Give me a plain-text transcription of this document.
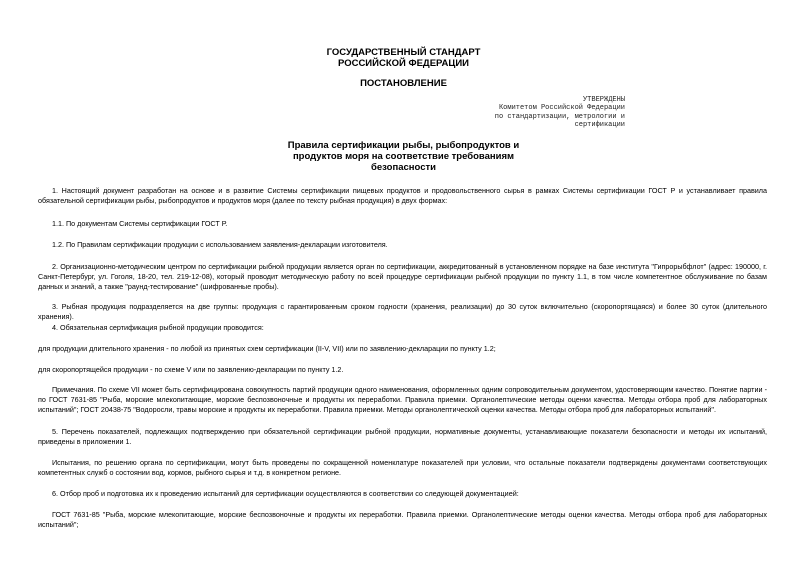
ГОСУДАРСТВЕННЫЙ СТАНДАРТ
РОССИЙСКОЙ ФЕДЕРАЦИИ
ПОСТАНОВЛЕНИЕ
УТВЕРЖДЕНЫ
Комитетом Российской Федерации
по стандартизации, метрологии и
сертификации
Правила сертификации рыбы, рыбопродуктов и
продуктов моря на соответствие требованиям
безопасности
1. Настоящий документ разработан на основе и в развитие Системы сертификации пищевых продуктов и продовольственного сырья в рамках Системы сертификации ГОСТ Р и устанавливает правила обязательной сертификации рыбы, рыбопродуктов и продуктов моря (далее по тексту рыбная продукция) в двух формах:
1.1. По документам Системы сертификации ГОСТ Р.
1.2. По Правилам сертификации продукции с использованием заявления-декларации изготовителя.
2. Организационно-методическим центром по сертификации рыбной продукции является орган по сертификации, аккредитованный в установленном порядке на базе института "Гипрорыбфлот" (адрес: 190000, г. Санкт-Петербург, ул. Гоголя, 18-20, тел. 219-12-08), который проводит методическую работу по всей процедуре сертификации рыбной продукции по пункту 1.1, в том числе компетентное обслуживание по базам данных и знаний, а также "раунд-тестирование" (шифрованные пробы).
3. Рыбная продукция подразделяется на две группы: продукция с гарантированным сроком годности (хранения, реализации) до 30 суток включительно (скоропортящаяся) и более 30 суток (длительного хранения).
4. Обязательная сертификация рыбной продукции проводится:
для продукции длительного хранения - по любой из принятых схем сертификации (II-V, VII) или по заявлению-декларации по пункту 1.2;
для скоропортящейся продукции - по схеме V или по заявлению-декларации по пункту 1.2.
Примечания. По схеме VII может быть сертифицирована совокупность партий продукции одного наименования, оформленных одним сопроводительным документом, удостоверяющим качество. Понятие партии - по ГОСТ 7631-85 "Рыба, морские млекопитающие, морские беспозвоночные и продукты их переработки. Правила приемки. Органолептические методы оценки качества. Методы отбора проб для лабораторных испытаний"; ГОСТ 20438-75 "Водоросли, травы морские и продукты их переработки. Правила приемки. Методы органолептической оценки качества. Методы отбора проб для лабораторных испытаний".
5. Перечень показателей, подлежащих подтверждению при обязательной сертификации рыбной продукции, нормативные документы, устанавливающие показатели безопасности и методы их испытаний, приведены в приложении 1.
Испытания, по решению органа по сертификации, могут быть проведены по сокращенной номенклатуре показателей при условии, что остальные показатели подтверждены документами соответствующих компетентных служб о состоянии вод, кормов, рыбного сырья и т.д. в конкретном регионе.
6. Отбор проб и подготовка их к проведению испытаний для сертификации осуществляются в соответствии со следующей документацией:
ГОСТ 7631-85 "Рыба, морские млекопитающие, морские беспозвоночные и продукты их переработки. Правила приемки. Органолептические методы оценки качества. Методы отбора проб для лабораторных испытаний";
